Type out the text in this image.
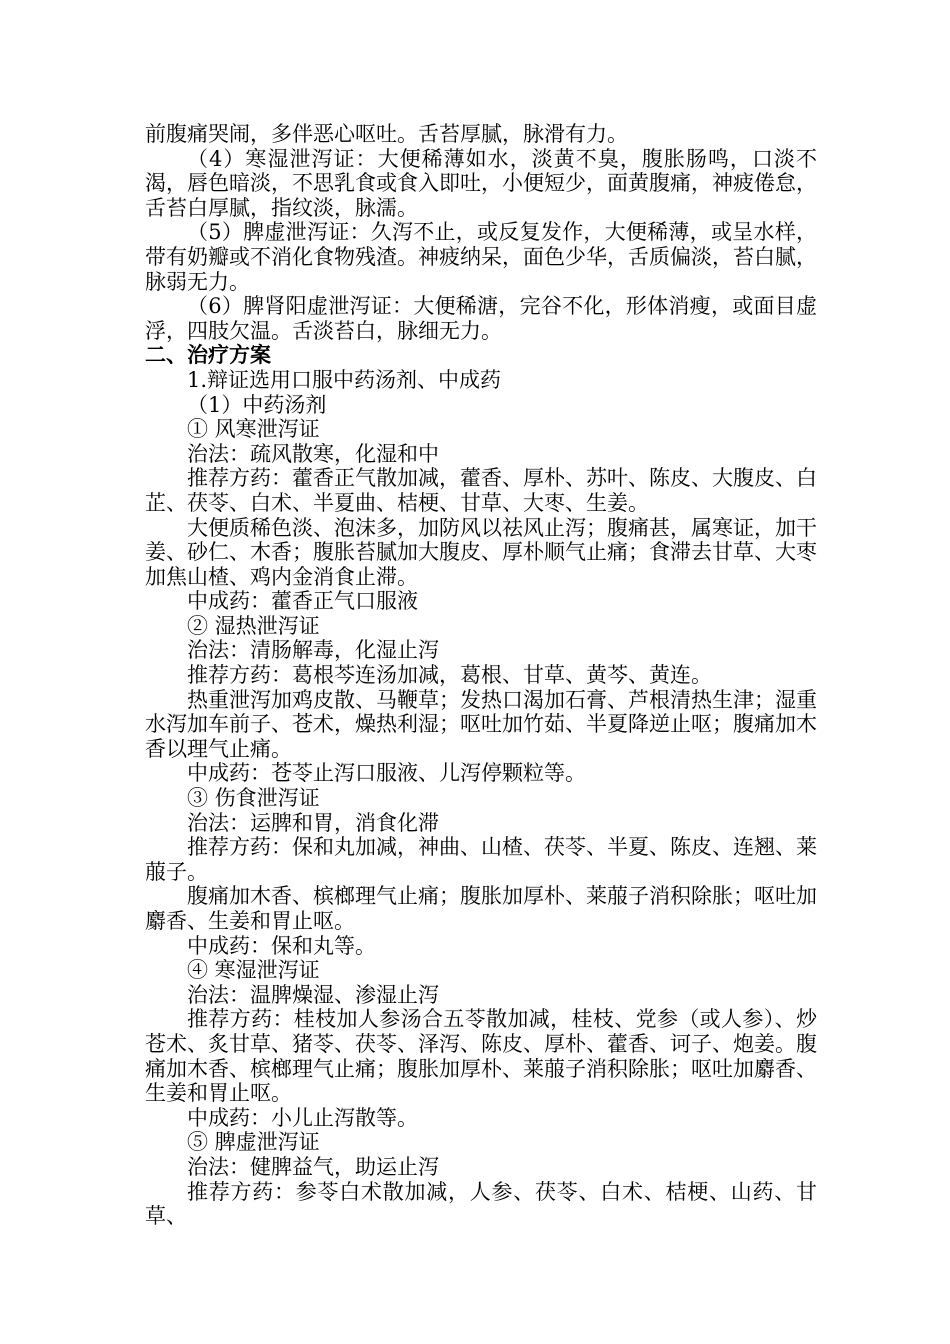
前腹痛哭闹，多伴恶心呕吐。舌苔厚腻，脉滑有力。

（4）寒湿泄泻证：大便稀薄如水，淡黄不臭，腹胀肠鸣，口淡不渴，唇色暗淡，不思乳食或食入即吐，小便短少，面黄腹痛，神疲倦怠，舌苔白厚腻，指纹淡，脉濡。

（5）脾虚泄泻证：久泻不止，或反复发作，大便稀薄，或呈水样，带有奶瓣或不消化食物残渣。神疲纳呆，面色少华，舌质偏淡，苔白腻，脉弱无力。

（6）脾肾阳虚泄泻证：大便稀溏，完谷不化，形体消瘦，或面目虚浮，四肢欠温。舌淡苔白，脉细无力。

二、治疗方案

1.辩证选用口服中药汤剂、中成药

（1）中药汤剂

① 风寒泄泻证

治法：疏风散寒，化湿和中

推荐方药：藿香正气散加减，藿香、厚朴、苏叶、陈皮、大腹皮、白芷、茯苓、白术、半夏曲、桔梗、甘草、大枣、生姜。

大便质稀色淡、泡沫多，加防风以祛风止泻；腹痛甚，属寒证，加干姜、砂仁、木香；腹胀苔腻加大腹皮、厚朴顺气止痛；食滞去甘草、大枣加焦山楂、鸡内金消食止滞。

中成药：藿香正气口服液

② 湿热泄泻证

治法：清肠解毒，化湿止泻

推荐方药：葛根芩连汤加减，葛根、甘草、黄芩、黄连。

热重泄泻加鸡皮散、马鞭草；发热口渴加石膏、芦根清热生津；湿重水泻加车前子、苍术，燥热利湿；呕吐加竹茹、半夏降逆止呕；腹痛加木香以理气止痛。

中成药：苍苓止泻口服液、儿泻停颗粒等。

③ 伤食泄泻证

治法：运脾和胃，消食化滞

推荐方药：保和丸加减，神曲、山楂、茯苓、半夏、陈皮、连翘、莱菔子。

腹痛加木香、槟榔理气止痛；腹胀加厚朴、莱菔子消积除胀；呕吐加麝香、生姜和胃止呕。

中成药：保和丸等。

④ 寒湿泄泻证

治法：温脾燥湿、渗湿止泻

推荐方药：桂枝加人参汤合五苓散加减，桂枝、党参（或人参）、炒苍术、炙甘草、猪苓、茯苓、泽泻、陈皮、厚朴、藿香、诃子、炮姜。腹痛加木香、槟榔理气止痛；腹胀加厚朴、莱菔子消积除胀；呕吐加麝香、生姜和胃止呕。

中成药：小儿止泻散等。

⑤ 脾虚泄泻证

治法：健脾益气，助运止泻

推荐方药：参苓白术散加减，人参、茯苓、白术、桔梗、山药、甘草、
